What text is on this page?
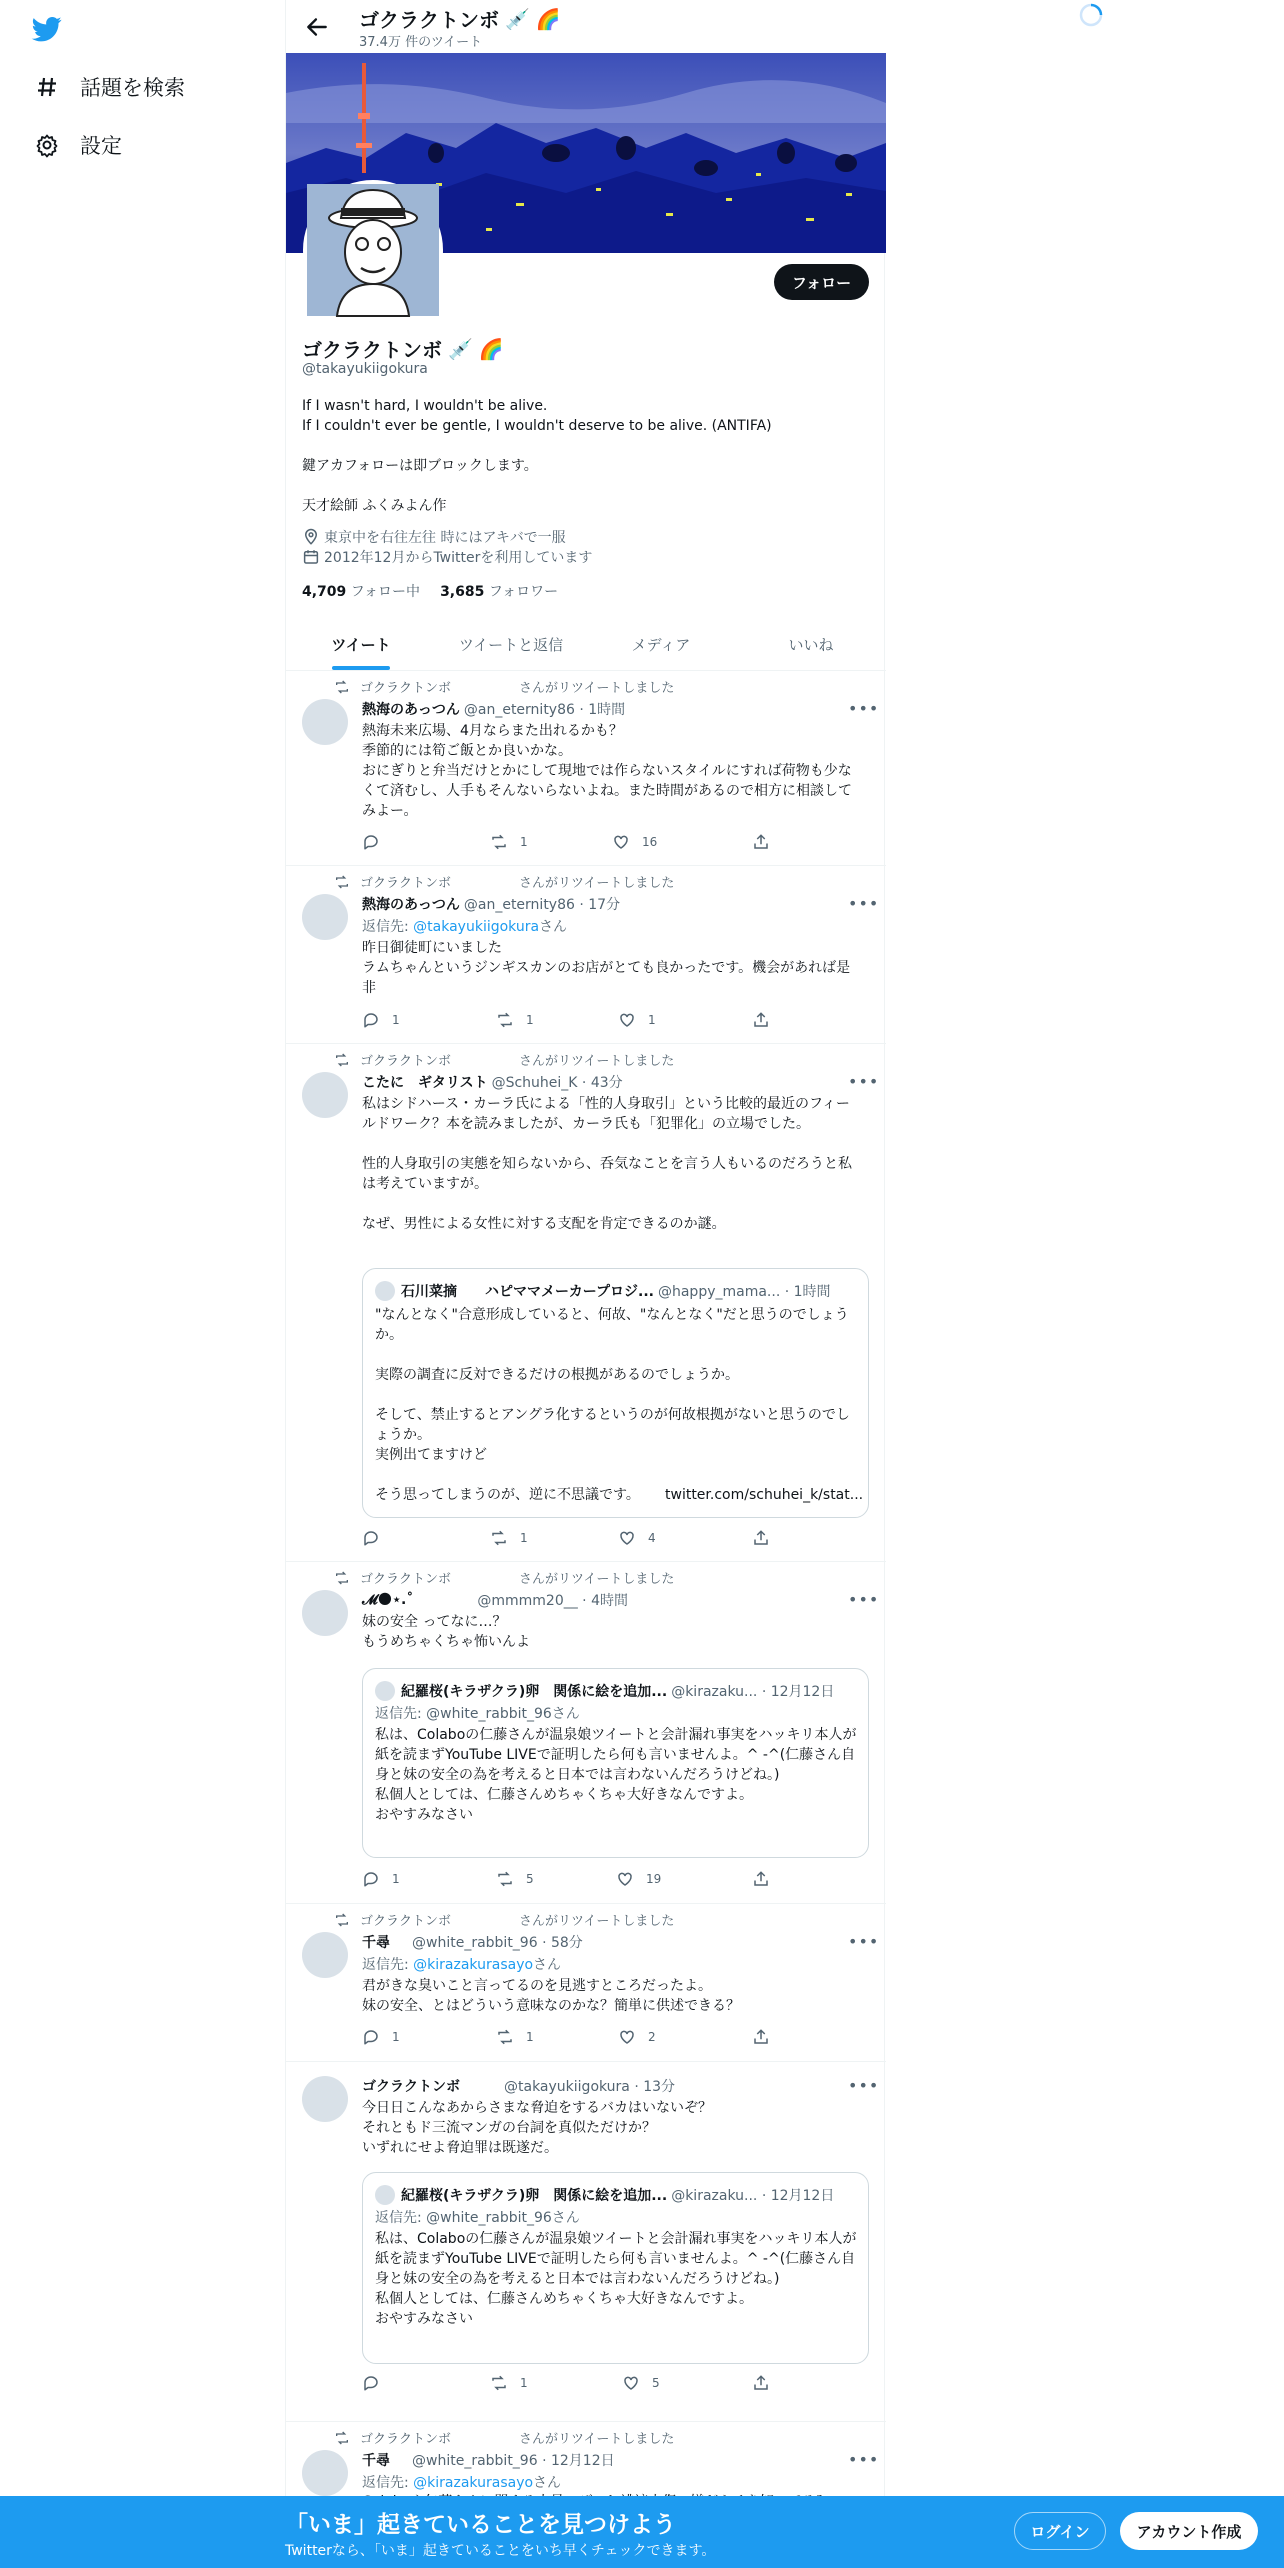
話題を検索
設定
ゴクラクトンボ 💉 🌈
37.4万 件のツイート
フォロー
ゴクラクトンボ 💉 🌈
@takayukiigokura
If I wasn't hard, I wouldn't be alive.
If I couldn't ever be gentle, I wouldn't deserve to be alive. (ANTIFA)

鍵アカフォローは即ブロックします。

天才絵師 ふくみよん作
東京中を右往左往 時にはアキバで一服
2012年12月からTwitterを利用しています
4,709 フォロー中 3,685 フォロワー
ツイート	ツイートと返信	メディア	いいね
ゴクラクトンボ	さんがリツイートしました
熱海のあっつん @an_eternity86 · 1時間	•••
熱海未来広場、4月ならまた出れるかも？
季節的には筍ご飯とか良いかな。
おにぎりと弁当だけとかにして現地では作らないスタイルにすれば荷物も少なくて済むし、人手もそんないらないよね。また時間があるので相方に相談してみよー。
1	16
ゴクラクトンボ	さんがリツイートしました
熱海のあっつん @an_eternity86 · 17分	•••
返信先: @takayukiigokuraさん
昨日御徒町にいました
ラムちゃんというジンギスカンのお店がとても良かったです。機会があれば是非
1	1	1
ゴクラクトンボ	さんがリツイートしました
こたに　ギタリスト @Schuhei_K · 43分	•••
私はシドハース・カーラ氏による「性的人身取引」という比較的最近のフィールドワーク？本を読みましたが、カーラ氏も「犯罪化」の立場でした。

性的人身取引の実態を知らないから、呑気なことを言う人もいるのだろうと私は考えていますが。

なぜ、男性による女性に対する支配を肯定できるのか謎。
石川菜摘　　ハピママメーカープロジ... @happy_mama... · 1時間
"なんとなく"合意形成していると、何故、"なんとなく"だと思うのでしょうか。

実際の調査に反対できるだけの根拠があるのでしょうか。

そして、禁止するとアングラ化するというのが何故根拠がないと思うのでしょうか。
実例出てますけど

そう思ってしまうのが、逆に不思議です。	twitter.com/schuhei_k/stat...
1	4
ゴクラクトンボ	さんがリツイートしました
𝓜🌑⋆.˚	@mmmm20__ · 4時間	•••
妹の安全 ってなに…？
もうめちゃくちゃ怖いんよ
紀羅桜(キラザクラ)卵　関係に絵を追加... @kirazaku... · 12月12日
返信先: @white_rabbit_96さん
私は、Colaboの仁藤さんが温泉娘ツイートと会計漏れ事実をハッキリ本人が紙を読まずYouTube LIVEで証明したら何も言いませんよ。^ -^(仁藤さん自身と妹の安全の為を考えると日本では言わないんだろうけどね。)
私個人としては、仁藤さんめちゃくちゃ大好きなんですよ。
おやすみなさい
1	5	19
ゴクラクトンボ	さんがリツイートしました
千尋 @white_rabbit_96 · 58分	•••
返信先: @kirazakurasayoさん
君がきな臭いこと言ってるのを見逃すところだったよ。
妹の安全、とはどういう意味なのかな？簡単に供述できる？
1	1	2
ゴクラクトンボ	@takayukiigokura · 13分	•••
今日日こんなあからさまな脅迫をするバカはいないぞ？
それともド三流マンガの台詞を真似ただけか？
いずれにせよ脅迫罪は既遂だ。
紀羅桜(キラザクラ)卵　関係に絵を追加... @kirazaku... · 12月12日
返信先: @white_rabbit_96さん
私は、Colaboの仁藤さんが温泉娘ツイートと会計漏れ事実をハッキリ本人が紙を読まずYouTube LIVEで証明したら何も言いませんよ。^ -^(仁藤さん自身と妹の安全の為を考えると日本では言わないんだろうけどね。)
私個人としては、仁藤さんめちゃくちゃ大好きなんですよ。
おやすみなさい
1	5
ゴクラクトンボ	さんがリツイートしました
千尋 @white_rabbit_96 · 12月12日	•••
返信先: @kirazakurasayoさん
「いま」起きていることを見つけよう
Twitterなら、「いま」起きていることをいち早くチェックできます。
ログイン	アカウント作成
